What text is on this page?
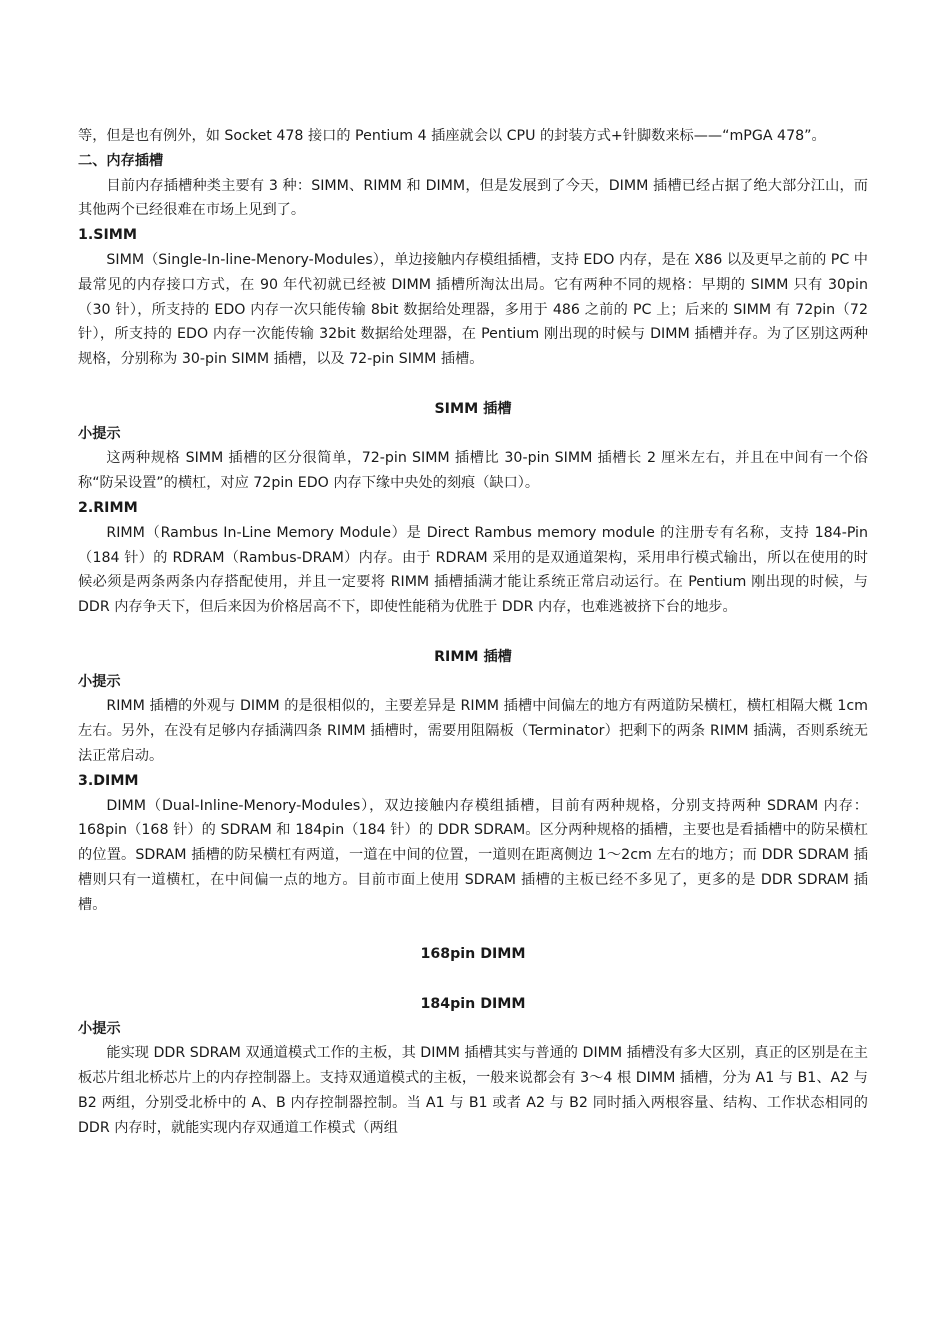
等，但是也有例外，如 Socket 478 接口的 Pentium 4 插座就会以 CPU 的封装方式+针脚数来标——“mPGA 478”。

二、内存插槽

目前内存插槽种类主要有 3 种：SIMM、RIMM 和 DIMM，但是发展到了今天，DIMM 插槽已经占据了绝大部分江山，而其他两个已经很难在市场上见到了。

1.SIMM

SIMM（Single-In-line-Menory-Modules），单边接触内存模组插槽，支持 EDO 内存，是在 X86 以及更早之前的 PC 中最常见的内存接口方式，在 90 年代初就已经被 DIMM 插槽所淘汰出局。它有两种不同的规格：早期的 SIMM 只有 30pin（30 针），所支持的 EDO 内存一次只能传输 8bit 数据给处理器，多用于 486 之前的 PC 上；后来的 SIMM 有 72pin（72 针），所支持的 EDO 内存一次能传输 32bit 数据给处理器，在 Pentium 刚出现的时候与 DIMM 插槽并存。为了区别这两种规格，分别称为 30-pin SIMM 插槽，以及 72-pin SIMM 插槽。

SIMM 插槽

小提示

这两种规格 SIMM 插槽的区分很简单，72-pin SIMM 插槽比 30-pin SIMM 插槽长 2 厘米左右，并且在中间有一个俗称“防呆设置”的横杠，对应 72pin EDO 内存下缘中央处的刻痕（缺口）。

2.RIMM

RIMM（Rambus In-Line Memory Module）是 Direct Rambus memory module 的注册专有名称，支持 184-Pin（184 针）的 RDRAM（Rambus-DRAM）内存。由于 RDRAM 采用的是双通道架构，采用串行模式输出，所以在使用的时候必须是两条两条内存搭配使用，并且一定要将 RIMM 插槽插满才能让系统正常启动运行。在 Pentium 刚出现的时候，与 DDR 内存争天下，但后来因为价格居高不下，即使性能稍为优胜于 DDR 内存，也难逃被挤下台的地步。

RIMM 插槽

小提示

RIMM 插槽的外观与 DIMM 的是很相似的，主要差异是 RIMM 插槽中间偏左的地方有两道防呆横杠，横杠相隔大概 1cm 左右。另外，在没有足够内存插满四条 RIMM 插槽时，需要用阻隔板（Terminator）把剩下的两条 RIMM 插满，否则系统无法正常启动。

3.DIMM

DIMM（Dual-Inline-Menory-Modules），双边接触内存模组插槽，目前有两种规格，分别支持两种 SDRAM 内存：168pin（168 针）的 SDRAM 和 184pin（184 针）的 DDR SDRAM。区分两种规格的插槽，主要也是看插槽中的防呆横杠的位置。SDRAM 插槽的防呆横杠有两道，一道在中间的位置，一道则在距离侧边 1～2cm 左右的地方；而 DDR SDRAM 插槽则只有一道横杠，在中间偏一点的地方。目前市面上使用 SDRAM 插槽的主板已经不多见了，更多的是 DDR SDRAM 插槽。

168pin DIMM

184pin DIMM

小提示

能实现 DDR SDRAM 双通道模式工作的主板，其 DIMM 插槽其实与普通的 DIMM 插槽没有多大区别，真正的区别是在主板芯片组北桥芯片上的内存控制器上。支持双通道模式的主板，一般来说都会有 3～4 根 DIMM 插槽，分为 A1 与 B1、A2 与 B2 两组，分别受北桥中的 A、B 内存控制器控制。当 A1 与 B1 或者 A2 与 B2 同时插入两根容量、结构、工作状态相同的 DDR 内存时，就能实现内存双通道工作模式（两组
